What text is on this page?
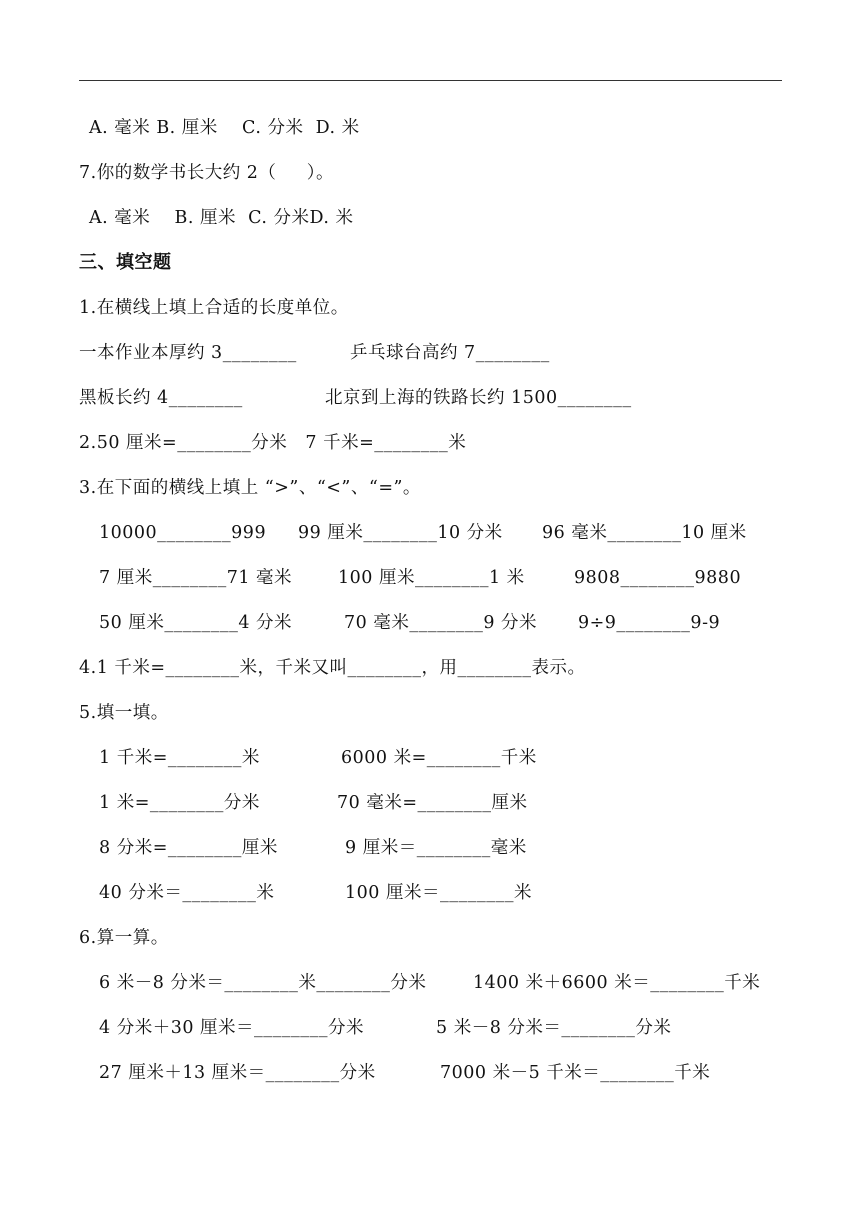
A. 毫米 B. 厘米    C. 分米  D. 米

7.你的数学书长大约 2（     ）。

A. 毫米    B. 厘米  C. 分米D. 米

三、填空题

1.在横线上填上合适的长度单位。

一本作业本厚约 3________

	乒乓球台高约 7________

黑板长约 4________

	北京到上海的铁路长约 1500________

2.50 厘米=________分米   7 千米=________米

3.在下面的横线上填上 “>”、“<”、“=”。

10000________999

99 厘米________10 分米

96 毫米________10 厘米

7 厘米________71 毫米

	100 厘米________1 米

	9808________9880

50 厘米________4 分米

	70 毫米________9 分米

9÷9________9-9

4.1 千米=________米，千米又叫________，用________表示。

5.填一填。

1 千米=________米

	6000 米=________千米

1 米=________分米

	70 毫米=________厘米

8 分米=________厘米

	9 厘米＝________毫米

40 分米＝________米

	100 厘米＝________米

6.算一算。

6 米－8 分米＝________米________分米

	1400 米＋6600 米＝________千米

4 分米＋30 厘米＝________分米

	5 米－8 分米＝________分米

27 厘米＋13 厘米＝________分米

	7000 米－5 千米＝________千米
